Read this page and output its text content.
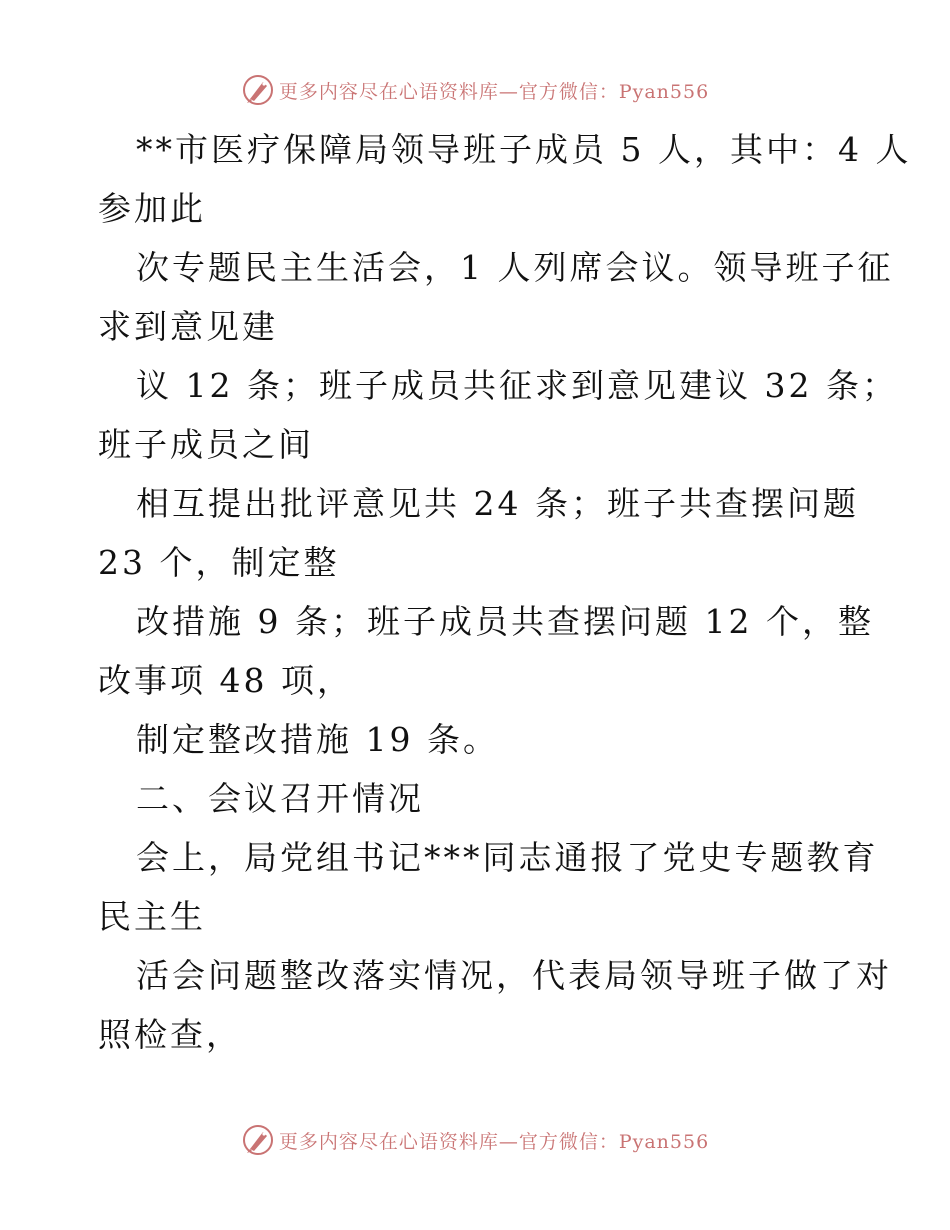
更多内容尽在心语资料库—官方微信：Pyan556
**市医疗保障局领导班子成员 5 人，其中：4 人
参加此
次专题民主生活会，1 人列席会议。领导班子征
求到意见建
议 12 条；班子成员共征求到意见建议 32 条；
班子成员之间
相互提出批评意见共 24 条；班子共查摆问题
23 个，制定整
改措施 9 条；班子成员共查摆问题 12 个，整
改事项 48 项，
制定整改措施 19 条。
二、会议召开情况
会上，局党组书记***同志通报了党史专题教育
民主生
活会问题整改落实情况，代表局领导班子做了对
照检查，
更多内容尽在心语资料库—官方微信：Pyan556
